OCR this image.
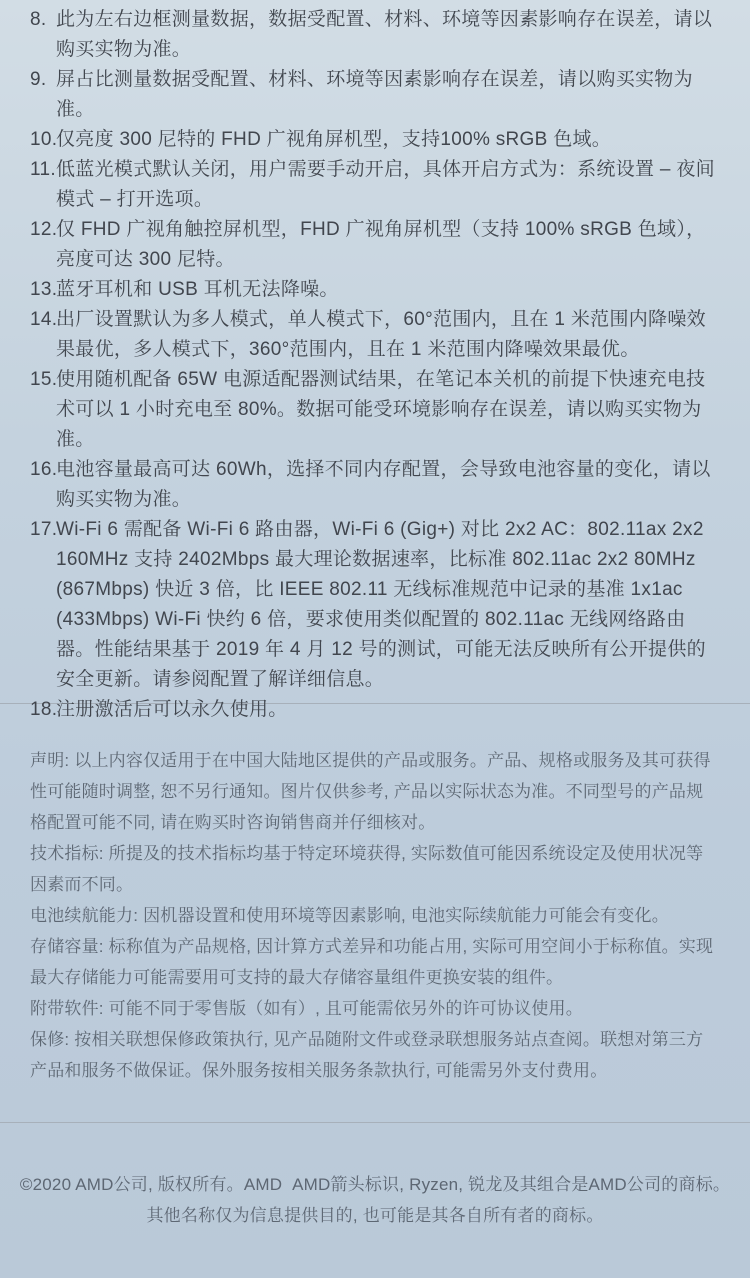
8. 此为左右边框测量数据，数据受配置、材料、环境等因素影响存在误差，请以购买实物为准。
9. 屏占比测量数据受配置、材料、环境等因素影响存在误差，请以购买实物为准。
10.
仅亮度 300 尼特的 FHD 广视角屏机型，支持100% sRGB 色域。
11. 低蓝光模式默认关闭，用户需要手动开启，具体开启方式为：系统设置 – 夜间模式 – 打开选项。
12.
仅 FHD 广视角触控屏机型，FHD 广视角屏机型（支持 100% sRGB 色域），亮度可达 300 尼特。
13.
蓝牙耳机和 USB 耳机无法降噪。
14.
出厂设置默认为多人模式，单人模式下，60°范围内，且在 1 米范围内降噪效果最优，多人模式下，360°范围内，且在 1 米范围内降噪效果最优。
15.
使用随机配备 65W 电源适配器测试结果，在笔记本关机的前提下快速充电技术可以 1 小时充电至 80%。数据可能受环境影响存在误差，请以购买实物为准。
16.
电池容量最高可达 60Wh，选择不同内存配置，会导致电池容量的变化，请以购买实物为准。
17.
Wi-Fi 6 需配备 Wi-Fi 6 路由器，Wi-Fi 6 (Gig+) 对比 2x2 AC：802.11ax 2x2 160MHz 支持 2402Mbps 最大理论数据速率，比标准 802.11ac 2x2 80MHz (867Mbps) 快近 3 倍，比 IEEE 802.11 无线标准规范中记录的基准 1x1ac (433Mbps) Wi-Fi 快约 6 倍，要求使用类似配置的 802.11ac 无线网络路由器。性能结果基于 2019 年 4 月 12 号的测试，可能无法反映所有公开提供的安全更新。请参阅配置了解详细信息。
18.
注册激活后可以永久使用。

声明: 以上内容仅适用于在中国大陆地区提供的产品或服务。产品、规格或服务及其可获得性可能随时调整, 恕不另行通知。图片仅供参考, 产品以实际状态为准。不同型号的产品规格配置可能不同, 请在购买时咨询销售商并仔细核对。

技术指标: 所提及的技术指标均基于特定环境获得, 实际数值可能因系统设定及使用状况等因素而不同。

电池续航能力: 因机器设置和使用环境等因素影响, 电池实际续航能力可能会有变化。

存储容量: 标称值为产品规格, 因计算方式差异和功能占用, 实际可用空间小于标称值。实现最大存储能力可能需要用可支持的最大存储容量组件更换安装的组件。

附带软件: 可能不同于零售版（如有）, 且可能需依另外的许可协议使用。

保修: 按相关联想保修政策执行, 见产品随附文件或登录联想服务站点查阅。联想对第三方产品和服务不做保证。保外服务按相关服务条款执行, 可能需另外支付费用。

©2020 AMD公司, 版权所有。AMD  AMD箭头标识, Ryzen, 锐龙及其组合是AMD公司的商标。

其他名称仅为信息提供目的, 也可能是其各自所有者的商标。
